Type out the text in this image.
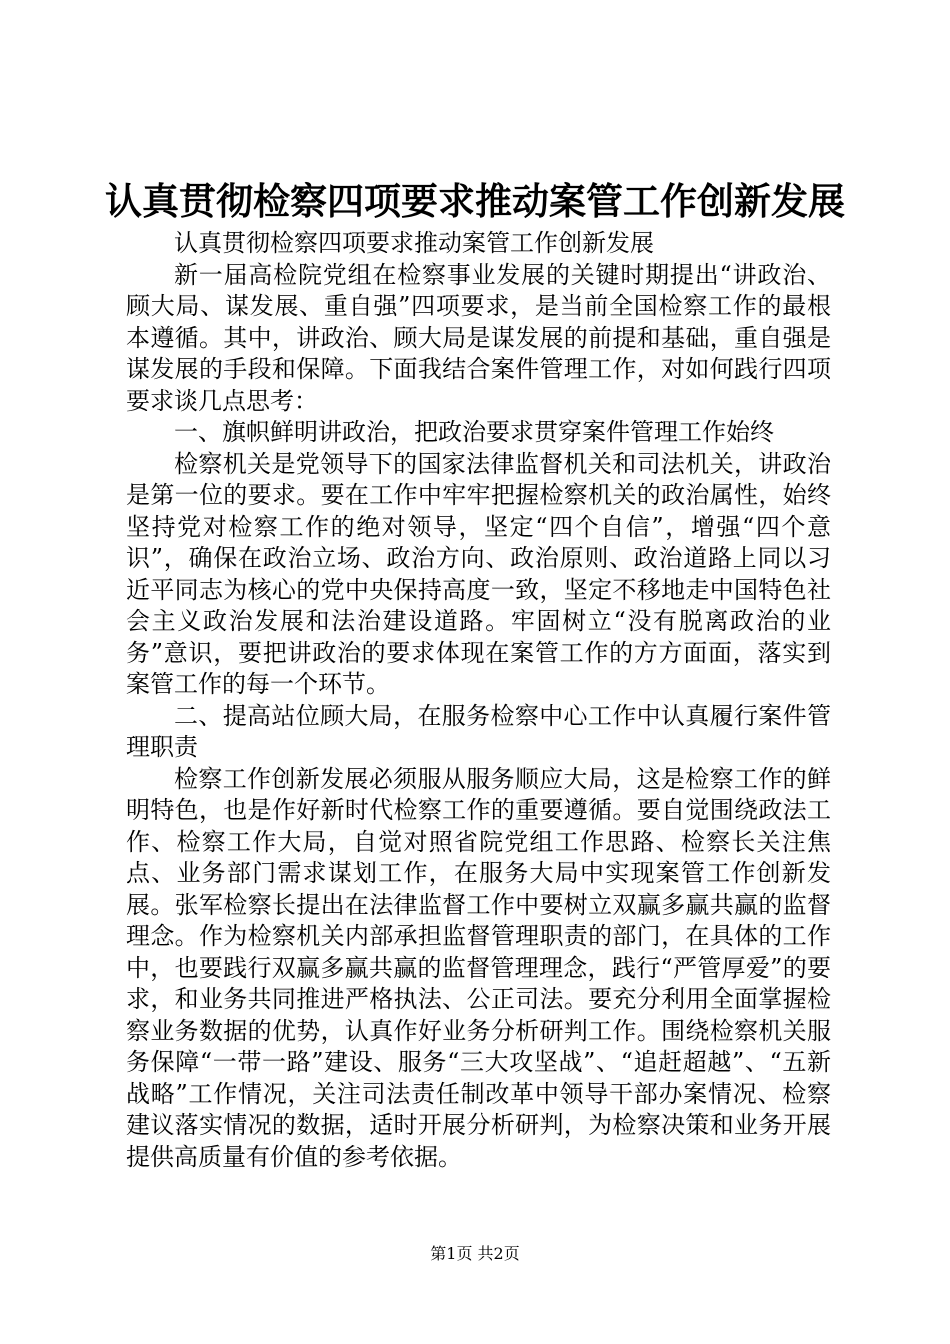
认真贯彻检察四项要求推动案管工作创新发展

认真贯彻检察四项要求推动案管工作创新发展

新一届高检院党组在检察事业发展的关键时期提出“讲政治、顾大局、谋发展、重自强”四项要求，是当前全国检察工作的最根本遵循。其中，讲政治、顾大局是谋发展的前提和基础，重自强是谋发展的手段和保障。下面我结合案件管理工作，对如何践行四项要求谈几点思考：

一、旗帜鲜明讲政治，把政治要求贯穿案件管理工作始终

检察机关是党领导下的国家法律监督机关和司法机关，讲政治是第一位的要求。要在工作中牢牢把握检察机关的政治属性，始终坚持党对检察工作的绝对领导，坚定“四个自信”，增强“四个意识”，确保在政治立场、政治方向、政治原则、政治道路上同以习近平同志为核心的党中央保持高度一致，坚定不移地走中国特色社会主义政治发展和法治建设道路。牢固树立“没有脱离政治的业务”意识，要把讲政治的要求体现在案管工作的方方面面，落实到案管工作的每一个环节。

二、提高站位顾大局，在服务检察中心工作中认真履行案件管理职责

检察工作创新发展必须服从服务顺应大局，这是检察工作的鲜明特色，也是作好新时代检察工作的重要遵循。要自觉围绕政法工作、检察工作大局，自觉对照省院党组工作思路、检察长关注焦点、业务部门需求谋划工作，在服务大局中实现案管工作创新发展。张军检察长提出在法律监督工作中要树立双赢多赢共赢的监督理念。作为检察机关内部承担监督管理职责的部门，在具体的工作中，也要践行双赢多赢共赢的监督管理理念，践行“严管厚爱”的要求，和业务共同推进严格执法、公正司法。要充分利用全面掌握检察业务数据的优势，认真作好业务分析研判工作。围绕检察机关服务保障“一带一路”建设、服务“三大攻坚战”、“追赶超越”、“五新战略”工作情况，关注司法责任制改革中领导干部办案情况、检察建议落实情况的数据，适时开展分析研判，为检察决策和业务开展提供高质量有价值的参考依据。

第1页 共2页
